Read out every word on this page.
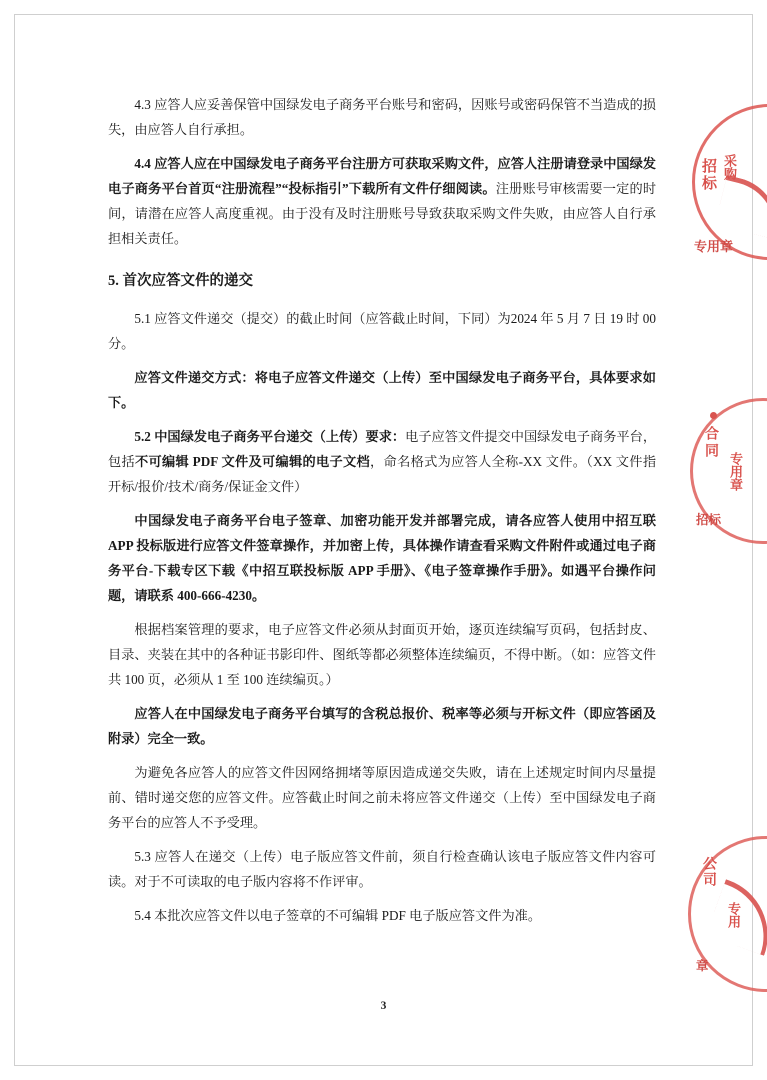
4.3 应答人应妥善保管中国绿发电子商务平台账号和密码，因账号或密码保管不当造成的损失，由应答人自行承担。

4.4 应答人应在中国绿发电子商务平台注册方可获取采购文件，应答人注册请登录中国绿发电子商务平台首页“注册流程”“投标指引”下载所有文件仔细阅读。注册账号审核需要一定的时间，请潜在应答人高度重视。由于没有及时注册账号导致获取采购文件失败，由应答人自行承担相关责任。

5. 首次应答文件的递交

5.1 应答文件递交（提交）的截止时间（应答截止时间，下同）为2024 年 5 月 7 日 19 时 00 分。

应答文件递交方式：将电子应答文件递交（上传）至中国绿发电子商务平台，具体要求如下。

5.2 中国绿发电子商务平台递交（上传）要求：电子应答文件提交中国绿发电子商务平台，包括不可编辑 PDF 文件及可编辑的电子文档，命名格式为应答人全称-XX 文件。（XX 文件指开标/报价/技术/商务/保证金文件）

中国绿发电子商务平台电子签章、加密功能开发并部署完成，请各应答人使用中招互联 APP 投标版进行应答文件签章操作，并加密上传，具体操作请查看采购文件附件或通过电子商务平台-下载专区下载《中招互联投标版 APP 手册》、《电子签章操作手册》。如遇平台操作问题，请联系 400-666-4230。

根据档案管理的要求，电子应答文件必须从封面页开始，逐页连续编写页码，包括封皮、目录、夹装在其中的各种证书影印件、图纸等都必须整体连续编页，不得中断。（如：应答文件共 100 页，必须从 1 至 100 连续编页。）

应答人在中国绿发电子商务平台填写的含税总报价、税率等必须与开标文件（即应答函及附录）完全一致。

为避免各应答人的应答文件因网络拥堵等原因造成递交失败，请在上述规定时间内尽量提前、错时递交您的应答文件。应答截止时间之前未将应答文件递交（上传）至中国绿发电子商务平台的应答人不予受理。

5.3 应答人在递交（上传）电子版应答文件前，须自行检查确认该电子版应答文件内容可读。对于不可读取的电子版内容将不作评审。

5.4 本批次应答文件以电子签章的不可编辑 PDF 电子版应答文件为准。

招标 采购
专用章
合同
专用章
招标
公司
专用
章
3
